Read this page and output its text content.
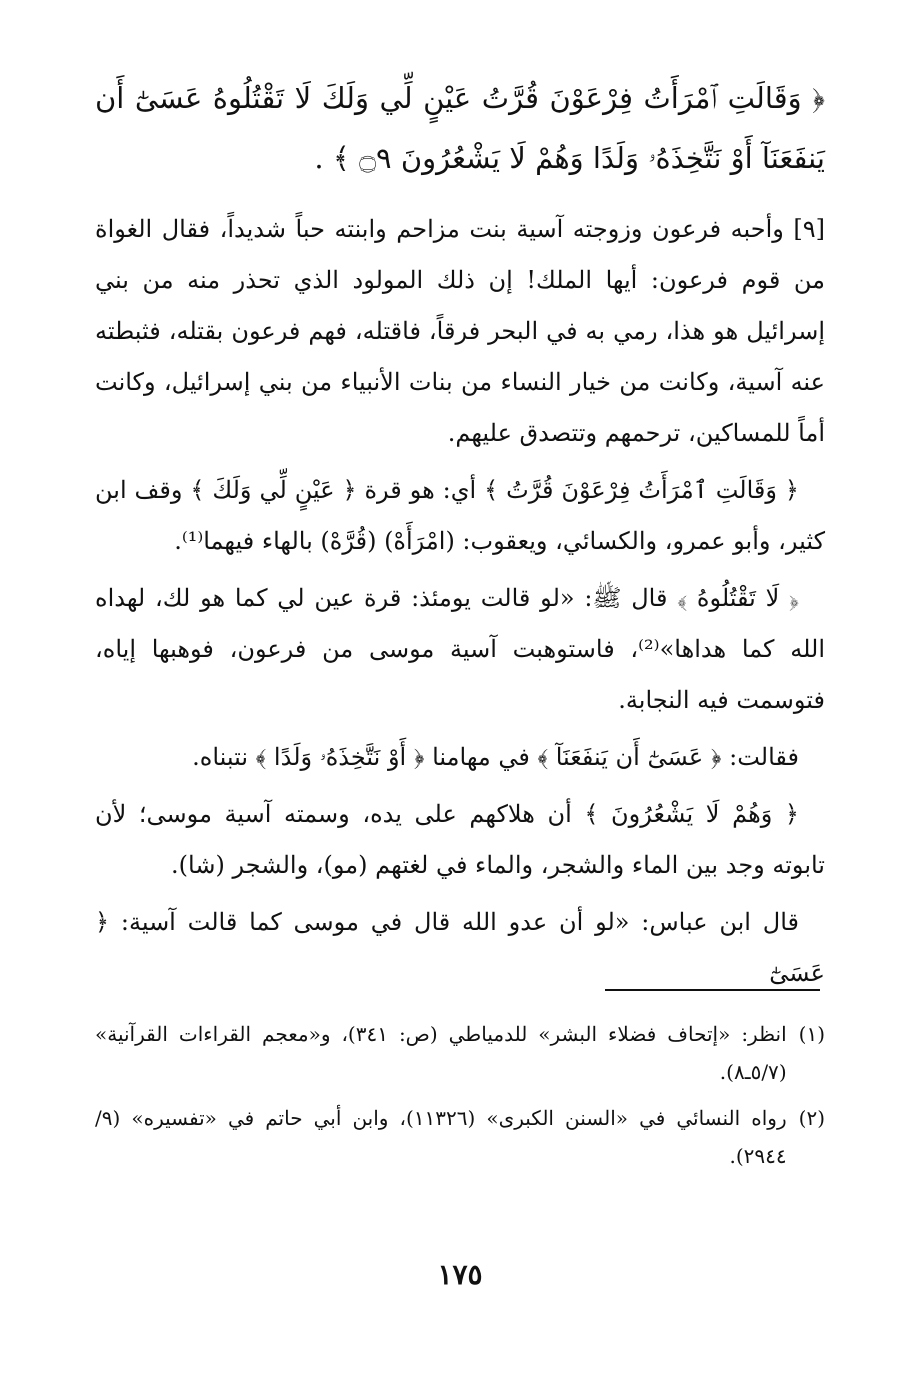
﴿ وَقَالَتِ ٱمْرَأَتُ فِرْعَوْنَ قُرَّتُ عَيْنٍ لِّي وَلَكَ لَا تَقْتُلُوهُ عَسَىٰٓ أَن يَنفَعَنَآ أَوْ نَتَّخِذَهُۥ وَلَدًا وَهُمْ لَا يَشْعُرُونَ ۝٩ ﴾ .

[٩] وأحبه فرعون وزوجته آسية بنت مزاحم وابنته حباً شديداً، فقال الغواة من قوم فرعون: أيها الملك! إن ذلك المولود الذي تحذر منه من بني إسرائيل هو هذا، رمي به في البحر فرقاً، فاقتله، فهم فرعون بقتله، فثبطته عنه آسية، وكانت من خيار النساء من بنات الأنبياء من بني إسرائيل، وكانت أماً للمساكين، ترحمهم وتتصدق عليهم.

﴿ وَقَالَتِ ٱمْرَأَتُ فِرْعَوْنَ قُرَّتُ ﴾ أي: هو قرة ﴿ عَيْنٍ لِّي وَلَكَ ﴾ وقف ابن كثير، وأبو عمرو، والكسائي، ويعقوب: (امْرَأَهْ) (قُرَّهْ) بالهاء فيهما⁽¹⁾.

﴿ لَا تَقْتُلُوهُ ﴾ قال ﷺ: «لو قالت يومئذ: قرة عين لي كما هو لك، لهداه الله كما هداها»⁽²⁾، فاستوهبت آسية موسى من فرعون، فوهبها إياه، فتوسمت فيه النجابة.

فقالت: ﴿ عَسَىٰٓ أَن يَنفَعَنَآ ﴾ في مهامنا ﴿ أَوْ نَتَّخِذَهُۥ وَلَدًا ﴾ نتبناه.

﴿ وَهُمْ لَا يَشْعُرُونَ ﴾ أن هلاكهم على يده، وسمته آسية موسى؛ لأن تابوته وجد بين الماء والشجر، والماء في لغتهم (مو)، والشجر (شا).

قال ابن عباس: «لو أن عدو الله قال في موسى كما قالت آسية: ﴿ عَسَىٰٓ

(١)
انظر: «إتحاف فضلاء البشر» للدمياطي (ص: ٣٤١)، و«معجم القراءات القرآنية» (٥/٧ـ٨).
(٢)
رواه النسائي في «السنن الكبرى» (١١٣٢٦)، وابن أبي حاتم في «تفسيره» (٩/ ٢٩٤٤).
١٧٥
